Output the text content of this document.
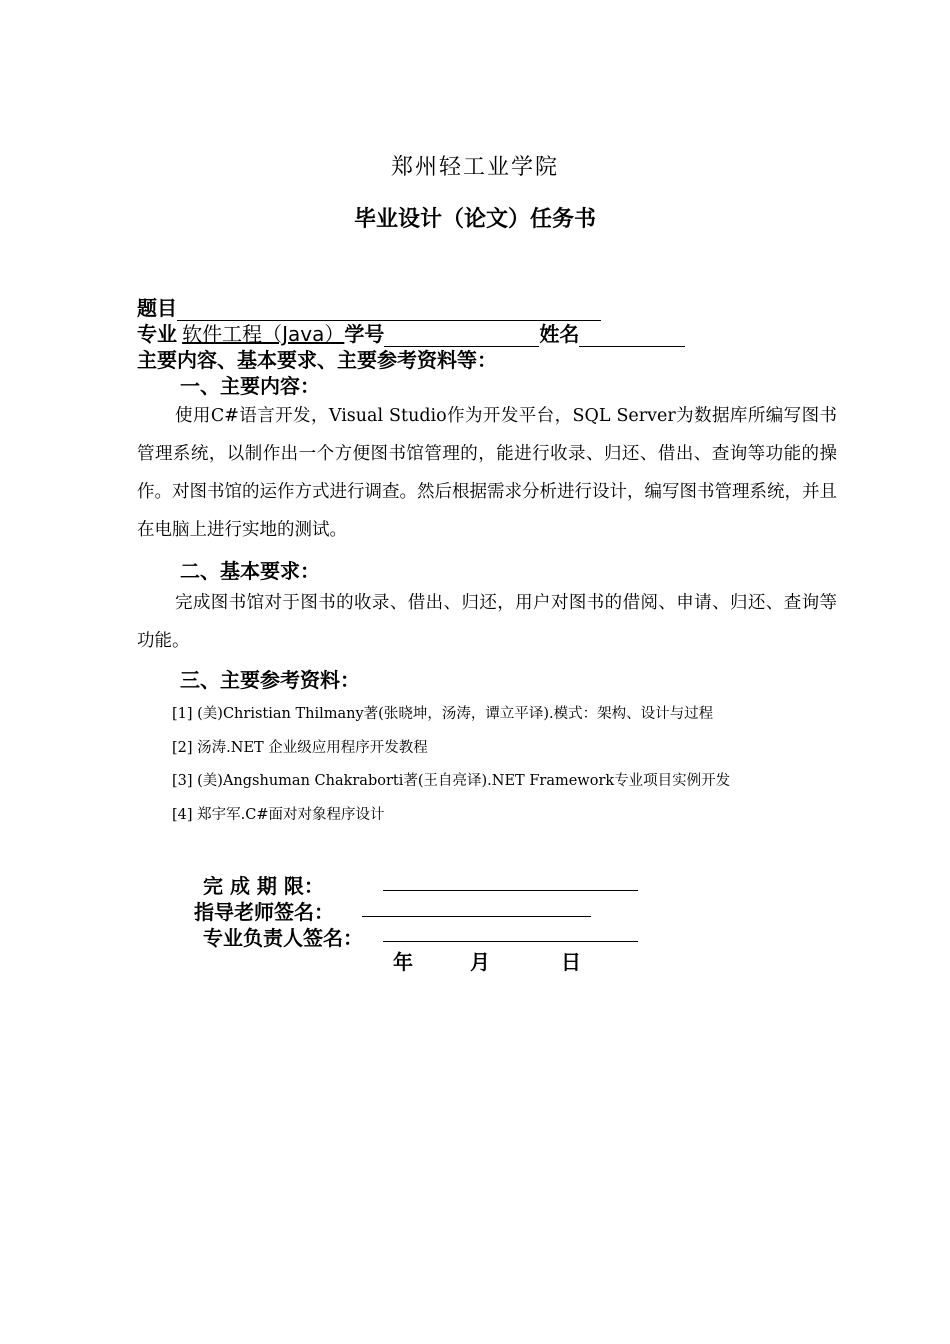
郑州轻工业学院
毕业设计（论文）任务书
题目
专业 软件工程（Java）学号	姓名
主要内容、基本要求、主要参考资料等：
一、主要内容：
使用C#语言开发，Visual Studio作为开发平台，SQL Server为数据库所编写图书管理系统，以制作出一个方便图书馆管理的，能进行收录、归还、借出、查询等功能的操作。对图书馆的运作方式进行调查。然后根据需求分析进行设计，编写图书管理系统，并且在电脑上进行实地的测试。
二、基本要求：
完成图书馆对于图书的收录、借出、归还，用户对图书的借阅、申请、归还、查询等功能。
三、主要参考资料：
[1] (美)Christian Thilmany著(张晓坤，汤涛，谭立平译).模式：架构、设计与过程
[2] 汤涛.NET 企业级应用程序开发教程
[3] (美)Angshuman Chakraborti著(王自亮译).NET Framework专业项目实例开发
[4] 郑宇军.C#面对对象程序设计
完 成 期 限：
指导老师签名：
专业负责人签名：
年	月	日
